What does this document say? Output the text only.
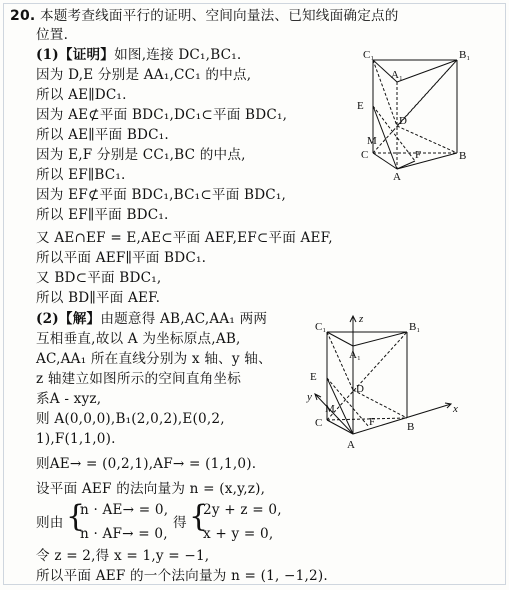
20. 本题考查线面平行的证明、空间向量法、已知线面确定点的
位置.
(1)【证明】如图,连接 DC₁,BC₁.
因为 D,E 分别是 AA₁,CC₁ 的中点,
所以 AE∥DC₁.
因为 AE⊄平面 BDC₁,DC₁⊂平面 BDC₁,
所以 AE∥平面 BDC₁.
因为 E,F 分别是 CC₁,BC 的中点,
所以 EF∥BC₁.
因为 EF⊄平面 BDC₁,BC₁⊂平面 BDC₁,
所以 EF∥平面 BDC₁.
又 AE∩EF = E,AE⊂平面 AEF,EF⊂平面 AEF,
所以平面 AEF∥平面 BDC₁.
又 BD⊂平面 BDC₁,
所以 BD∥平面 AEF.
(2)【解】由题意得 AB,AC,AA₁ 两两
互相垂直,故以 A 为坐标原点,AB,
AC,AA₁ 所在直线分别为 x 轴、y 轴、
z 轴建立如图所示的空间直角坐标
系A - xyz,
则 A(0,0,0),B₁(2,0,2),E(0,2,
1),F(1,1,0).
则AE→ = (0,2,1),AF→ = (1,1,0).
设平面 AEF 的法向量为 n = (x,y,z),
则由 {
n · AE→ = 0,
n · AF→ = 0,
得 {
2y + z = 0,
x + y = 0,
令 z = 2,得 x = 1,y = −1,
所以平面 AEF 的一个法向量为 n = (1, −1,2).
C₁	B₁
A₁
E
D
M
C	F	B
A
C₁
z
B₁
A₁
E
D
y
M
C	F
x
B
A
